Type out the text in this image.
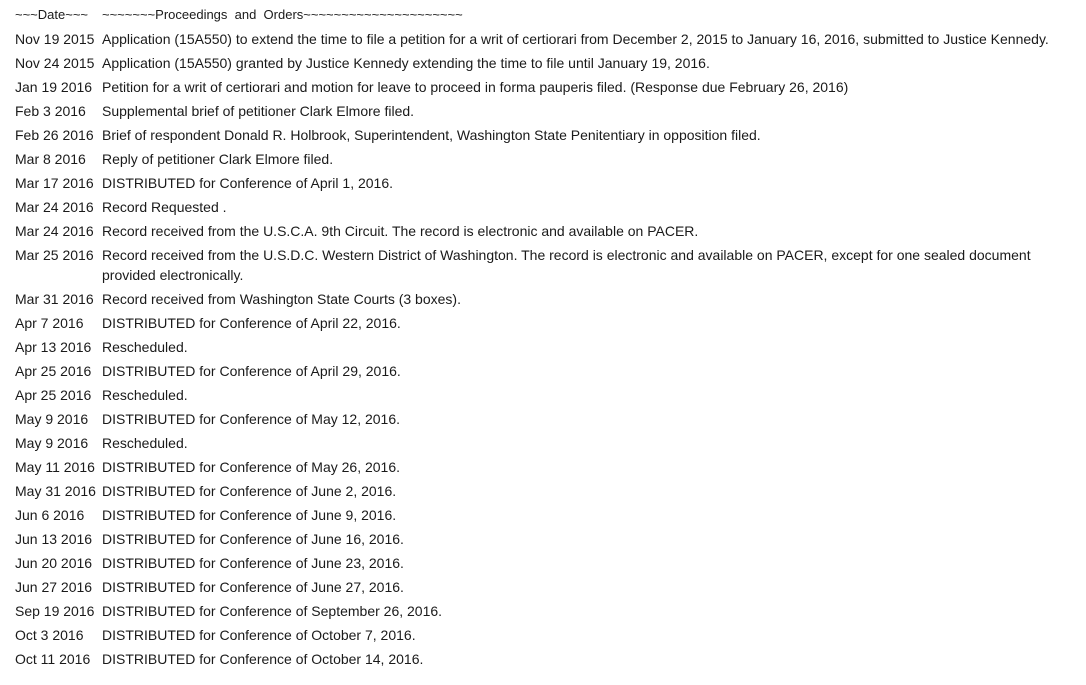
~~~Date~~~	~~~~~~~Proceedings  and  Orders~~~~~~~~~~~~~~~~~~~~~
Nov 19 2015 Application (15A550) to extend the time to file a petition for a writ of certiorari from December 2, 2015 to January 16, 2016, submitted to Justice Kennedy.
Nov 24 2015 Application (15A550) granted by Justice Kennedy extending the time to file until January 19, 2016.
Jan 19 2016 Petition for a writ of certiorari and motion for leave to proceed in forma pauperis filed. (Response due February 26, 2016)
Feb 3 2016	Supplemental brief of petitioner Clark Elmore filed.
Feb 26 2016 Brief of respondent Donald R. Holbrook, Superintendent, Washington State Penitentiary in opposition filed.
Mar 8 2016	Reply of petitioner Clark Elmore filed.
Mar 17 2016 DISTRIBUTED for Conference of April 1, 2016.
Mar 24 2016 Record Requested .
Mar 24 2016 Record received from the U.S.C.A. 9th Circuit. The record is electronic and available on PACER.
Mar 25 2016 Record received from the U.S.D.C. Western District of Washington. The record is electronic and available on PACER, except for one sealed document provided electronically.
Mar 31 2016 Record received from Washington State Courts (3 boxes).
Apr 7 2016	DISTRIBUTED for Conference of April 22, 2016.
Apr 13 2016 Rescheduled.
Apr 25 2016 DISTRIBUTED for Conference of April 29, 2016.
Apr 25 2016 Rescheduled.
May 9 2016 DISTRIBUTED for Conference of May 12, 2016.
May 9 2016 Rescheduled.
May 11 2016 DISTRIBUTED for Conference of May 26, 2016.
May 31 2016 DISTRIBUTED for Conference of June 2, 2016.
Jun 6 2016	DISTRIBUTED for Conference of June 9, 2016.
Jun 13 2016 DISTRIBUTED for Conference of June 16, 2016.
Jun 20 2016 DISTRIBUTED for Conference of June 23, 2016.
Jun 27 2016 DISTRIBUTED for Conference of June 27, 2016.
Sep 19 2016 DISTRIBUTED for Conference of September 26, 2016.
Oct 3 2016	DISTRIBUTED for Conference of October 7, 2016.
Oct 11 2016 DISTRIBUTED for Conference of October 14, 2016.
